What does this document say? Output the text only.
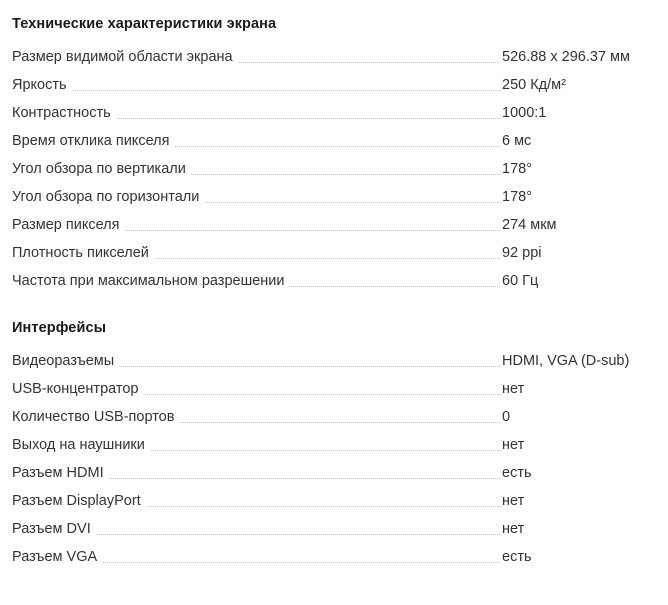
Технические характеристики экрана
Размер видимой области экрана	526.88 x 296.37 мм

Яркость	250 Кд/м²

Контрастность	1000:1

Время отклика пикселя	6 мс

Угол обзора по вертикали	178°

Угол обзора по горизонтали	178°

Размер пикселя	274 мкм

Плотность пикселей	92 ppi

Частота при максимальном разрешении	60 Гц
Интерфейсы
Видеоразъемы	HDMI, VGA (D-sub)

USB-концентратор	нет

Количество USB-портов	0

Выход на наушники	нет

Разъем HDMI	есть

Разъем DisplayPort	нет

Разъем DVI	нет

Разъем VGA	есть
